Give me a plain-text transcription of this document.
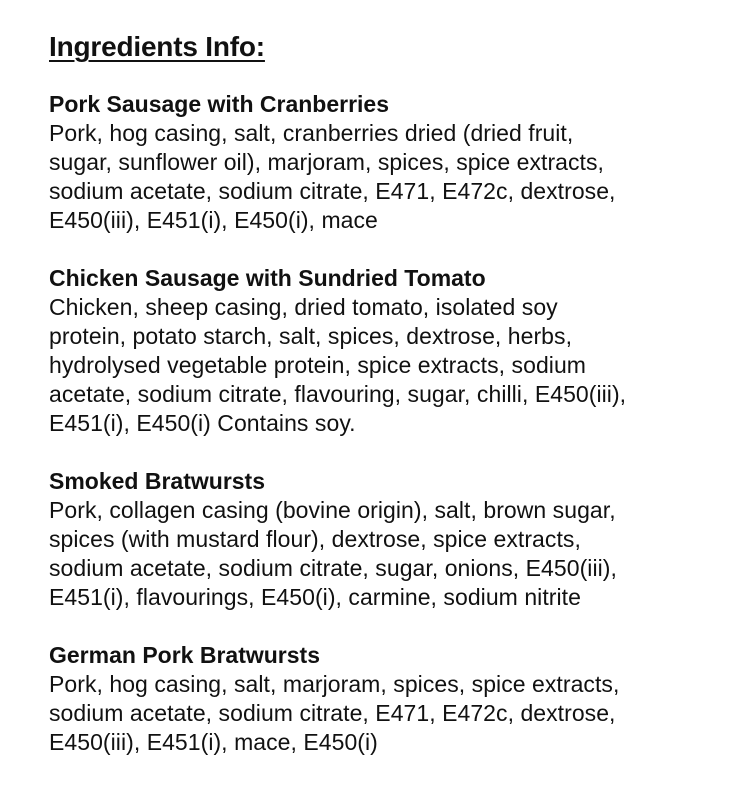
Ingredients Info:
Pork Sausage with Cranberries
Pork, hog casing, salt, cranberries dried (dried fruit,
sugar, sunflower oil), marjoram, spices, spice extracts,
sodium acetate, sodium citrate, E471, E472c, dextrose,
E450(iii), E451(i), E450(i), mace
Chicken Sausage with Sundried Tomato
Chicken, sheep casing, dried tomato, isolated soy
protein, potato starch, salt, spices, dextrose, herbs,
hydrolysed vegetable protein, spice extracts, sodium
acetate, sodium citrate, flavouring, sugar, chilli, E450(iii),
E451(i), E450(i) Contains soy.
Smoked Bratwursts
Pork, collagen casing (bovine origin), salt, brown sugar,
spices (with mustard flour), dextrose, spice extracts,
sodium acetate, sodium citrate, sugar, onions, E450(iii),
E451(i), flavourings, E450(i), carmine, sodium nitrite
German Pork Bratwursts
Pork, hog casing, salt, marjoram, spices, spice extracts,
sodium acetate, sodium citrate, E471, E472c, dextrose,
E450(iii), E451(i), mace, E450(i)
